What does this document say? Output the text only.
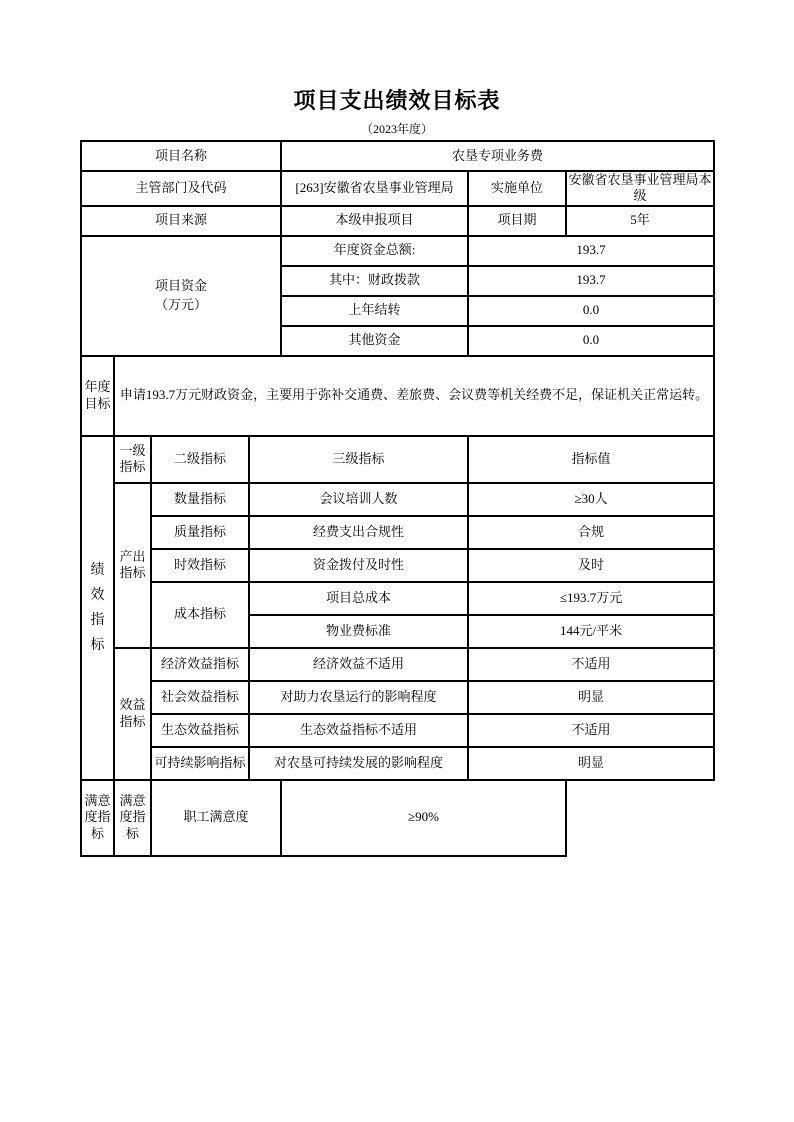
项目支出绩效目标表
（2023年度）
项目名称				农垦专项业务费		
主管部门及代码				[263]安徽省农垦事业管理局	实施单位	安徽省农垦事业管理局本级
项目来源				本级申报项目	项目期	5年

项目资金
（万元）				年度资金总额:	193.7	
				其中：财政拨款	193.7	
				上年结转	0.0	
				其他资金	0.0	
年度目标	申请193.7万元财政资金，主要用于弥补交通费、差旅费、会议费等机关经费不足，保证机关正常运转。					

绩效指标	一级指标	二级指标	三级指标		指标值	
	产出指标	数量指标	会议培训人数		≥30人	
		质量指标	经费支出合规性		合规	
		时效指标	资金拨付及时性		及时	
		成本指标	项目总成本		≤193.7万元	
			物业费标准		144元/平米	
	效益指标	经济效益指标	经济效益不适用		不适用	
		社会效益指标	对助力农垦运行的影响程度		明显	
		生态效益指标	生态效益指标不适用		不适用	
		可持续影响指标	对农垦可持续发展的影响程度		明显	
满意度指标	满意度指标	职工满意度		≥90%		
